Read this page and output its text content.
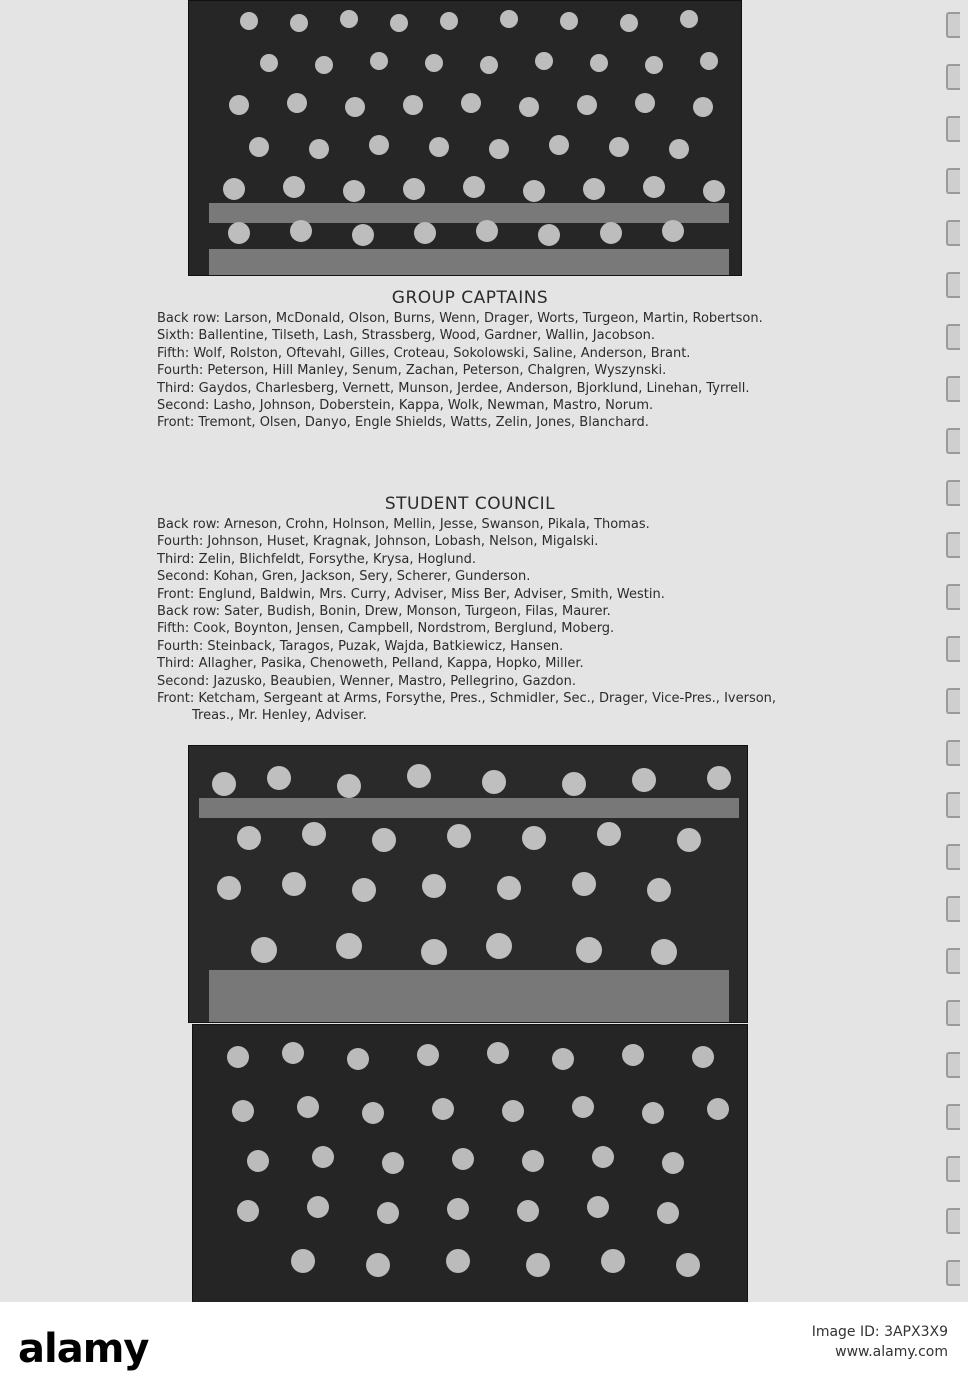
GROUP CAPTAINS

Back row: Larson, McDonald, Olson, Burns, Wenn, Drager, Worts, Turgeon, Martin, Robertson.

Sixth: Ballentine, Tilseth, Lash, Strassberg, Wood, Gardner, Wallin, Jacobson.

Fifth: Wolf, Rolston, Oftevahl, Gilles, Croteau, Sokolowski, Saline, Anderson, Brant.

Fourth: Peterson, Hill Manley, Senum, Zachan, Peterson, Chalgren, Wyszynski.

Third: Gaydos, Charlesberg, Vernett, Munson, Jerdee, Anderson, Bjorklund, Linehan, Tyrrell.

Second: Lasho, Johnson, Doberstein, Kappa, Wolk, Newman, Mastro, Norum.

Front: Tremont, Olsen, Danyo, Engle Shields, Watts, Zelin, Jones, Blanchard.

STUDENT COUNCIL

Back row: Arneson, Crohn, Holnson, Mellin, Jesse, Swanson, Pikala, Thomas.

Fourth: Johnson, Huset, Kragnak, Johnson, Lobash, Nelson, Migalski.

Third: Zelin, Blichfeldt, Forsythe, Krysa, Hoglund.

Second: Kohan, Gren, Jackson, Sery, Scherer, Gunderson.

Front: Englund, Baldwin, Mrs. Curry, Adviser, Miss Ber, Adviser, Smith, Westin.

Back row: Sater, Budish, Bonin, Drew, Monson, Turgeon, Filas, Maurer.

Fifth: Cook, Boynton, Jensen, Campbell, Nordstrom, Berglund, Moberg.

Fourth: Steinback, Taragos, Puzak, Wajda, Batkiewicz, Hansen.

Third: Allagher, Pasika, Chenoweth, Pelland, Kappa, Hopko, Miller.

Second: Jazusko, Beaubien, Wenner, Mastro, Pellegrino, Gazdon.

Front: Ketcham, Sergeant at Arms, Forsythe, Pres., Schmidler, Sec., Drager, Vice-Pres., Iverson, Treas., Mr. Henley, Adviser.

alamy	Image ID: 3APX3X9
www.alamy.com
